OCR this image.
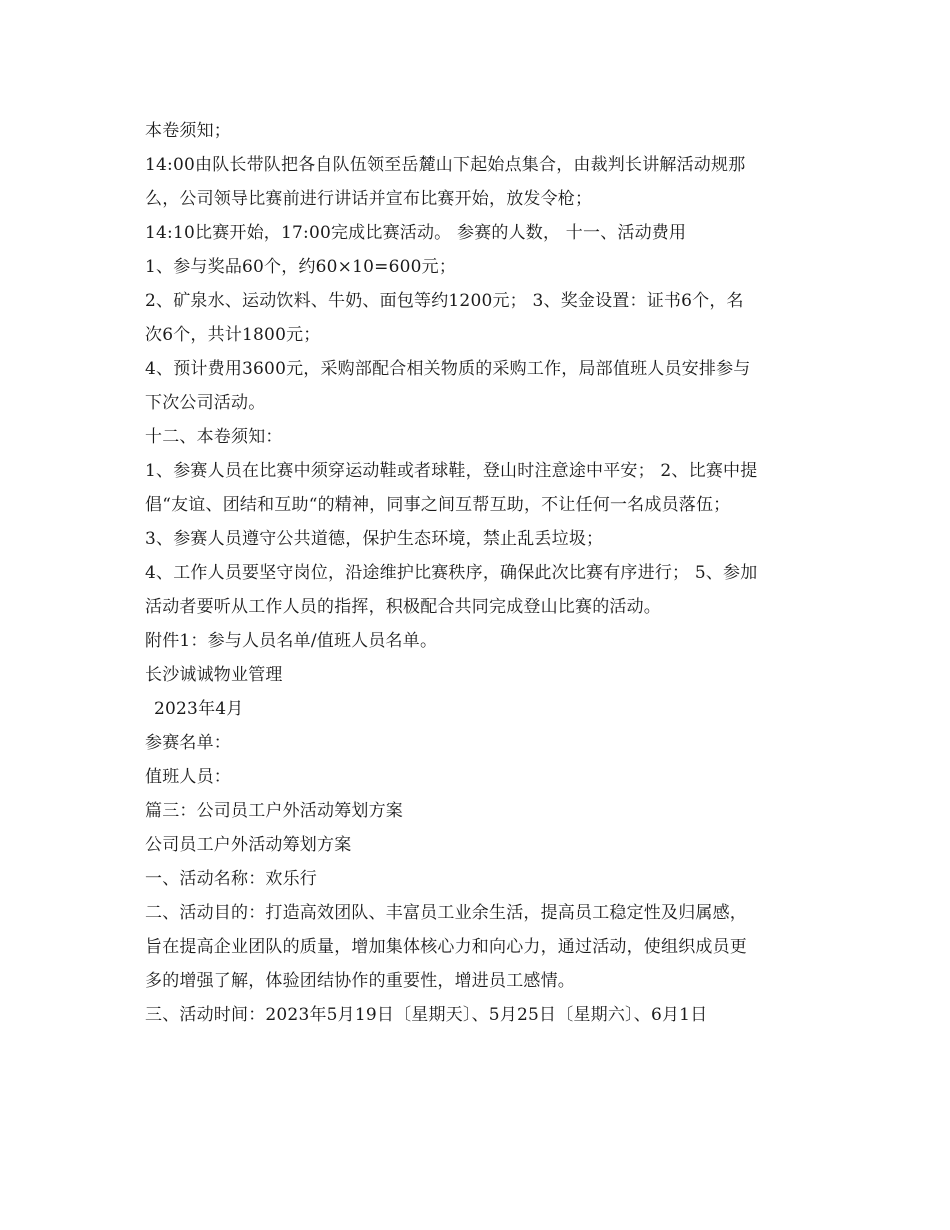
本卷须知；
14:00由队长带队把各自队伍领至岳麓山下起始点集合，由裁判长讲解活动规那
么，公司领导比赛前进行讲话并宣布比赛开始，放发令枪；
14:10比赛开始，17:00完成比赛活动。 参赛的人数， 十一、活动费用
1、参与奖品60个，约60×10=600元；
2、矿泉水、运动饮料、牛奶、面包等约1200元； 3、奖金设置：证书6个，名
次6个，共计1800元；
4、预计费用3600元，采购部配合相关物质的采购工作，局部值班人员安排参与
下次公司活动。
十二、本卷须知：
1、参赛人员在比赛中须穿运动鞋或者球鞋，登山时注意途中平安； 2、比赛中提
倡“友谊、团结和互助“的精神，同事之间互帮互助，不让任何一名成员落伍；
3、参赛人员遵守公共道德，保护生态环境，禁止乱丢垃圾；
4、工作人员要坚守岗位，沿途维护比赛秩序，确保此次比赛有序进行； 5、参加
活动者要听从工作人员的指挥，积极配合共同完成登山比赛的活动。
附件1：参与人员名单/值班人员名单。
长沙诚诚物业管理
2023年4月
参赛名单：
值班人员：
篇三：公司员工户外活动筹划方案
公司员工户外活动筹划方案
一、活动名称：欢乐行
二、活动目的：打造高效团队、丰富员工业余生活，提高员工稳定性及归属感，
旨在提高企业团队的质量，增加集体核心力和向心力，通过活动，使组织成员更
多的增强了解，体验团结协作的重要性，增进员工感情。
三、活动时间：2023年5月19日〔星期天〕、5月25日〔星期六〕、6月1日
